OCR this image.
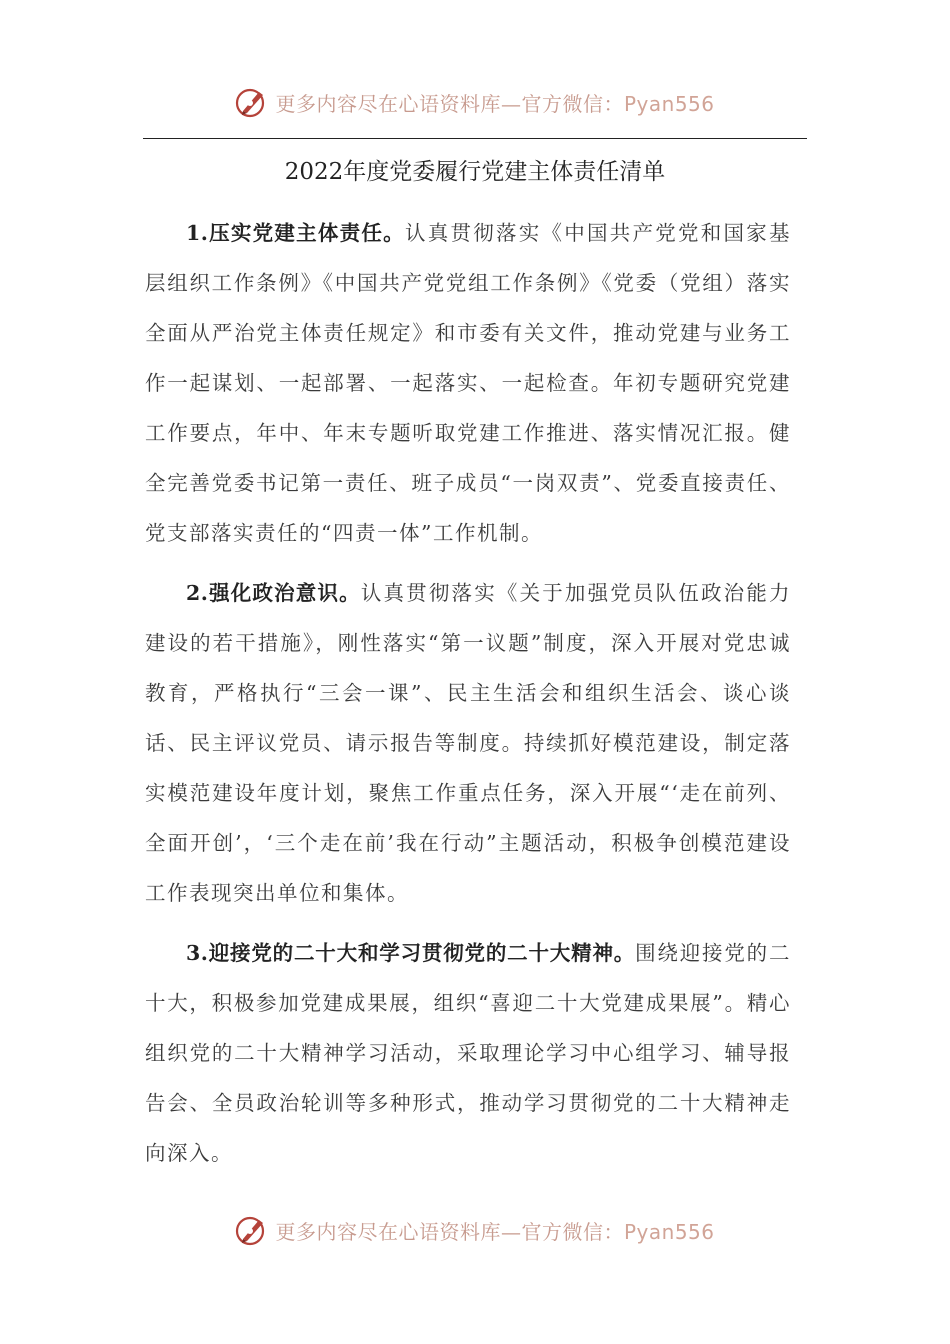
更多内容尽在心语资料库—官方微信：Pyan556
2022年度党委履行党建主体责任清单

1.压实党建主体责任。认真贯彻落实《中国共产党党和国家基层组织工作条例》《中国共产党党组工作条例》《党委（党组）落实全面从严治党主体责任规定》和市委有关文件，推动党建与业务工作一起谋划、一起部署、一起落实、一起检查。年初专题研究党建工作要点，年中、年末专题听取党建工作推进、落实情况汇报。健全完善党委书记第一责任、班子成员“一岗双责”、党委直接责任、党支部落实责任的“四责一体”工作机制。

2.强化政治意识。认真贯彻落实《关于加强党员队伍政治能力建设的若干措施》，刚性落实“第一议题”制度，深入开展对党忠诚教育，严格执行“三会一课”、民主生活会和组织生活会、谈心谈话、民主评议党员、请示报告等制度。持续抓好模范建设，制定落实模范建设年度计划，聚焦工作重点任务，深入开展“‘走在前列、全面开创’，‘三个走在前’我在行动”主题活动，积极争创模范建设工作表现突出单位和集体。

3.迎接党的二十大和学习贯彻党的二十大精神。围绕迎接党的二十大，积极参加党建成果展，组织“喜迎二十大党建成果展”。精心组织党的二十大精神学习活动，采取理论学习中心组学习、辅导报告会、全员政治轮训等多种形式，推动学习贯彻党的二十大精神走向深入。

更多内容尽在心语资料库—官方微信：Pyan556
